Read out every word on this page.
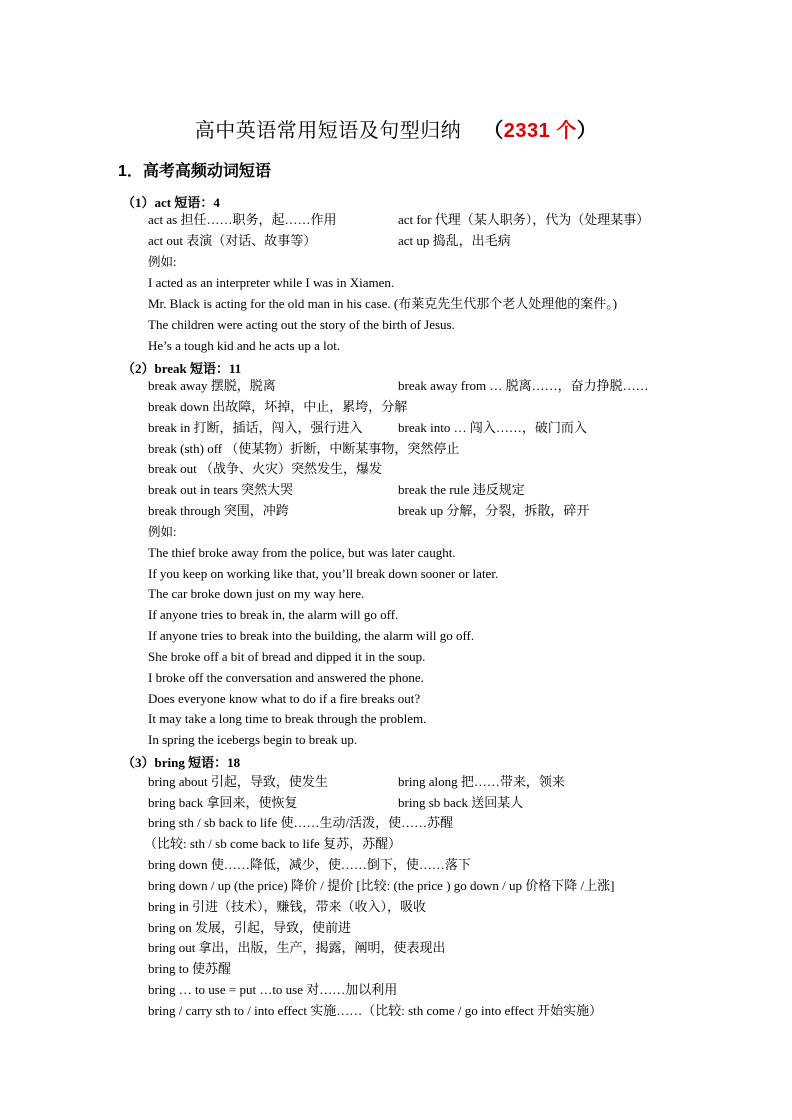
高中英语常用短语及句型归纳 （2331 个）
1．高考高频动词短语
（1）act 短语：4
act as 担任……职务，起……作用	act for 代理（某人职务），代为（处理某事）
act out 表演（对话、故事等）	act up 捣乱，出毛病
例如:
I acted as an interpreter while I was in Xiamen.
Mr. Black is acting for the old man in his case. (布莱克先生代那个老人处理他的案件。)
The children were acting out the story of the birth of Jesus.
He’s a tough kid and he acts up a lot.
（2）break 短语：11
break away 摆脱，脱离	break away from … 脱离……，奋力挣脱……
break down 出故障，坏掉，中止，累垮，分解
break in 打断，插话，闯入，强行进入	break into … 闯入……，破门而入
break (sth) off （使某物）折断，中断某事物，突然停止
break out （战争、火灾）突然发生，爆发
break out in tears 突然大哭	break the rule 违反规定
break through 突围，冲跨	break up 分解，分裂，拆散，碎开
例如:
The thief broke away from the police, but was later caught.
If you keep on working like that, you’ll break down sooner or later.
The car broke down just on my way here.
If anyone tries to break in, the alarm will go off.
If anyone tries to break into the building, the alarm will go off.
She broke off a bit of bread and dipped it in the soup.
I broke off the conversation and answered the phone.
Does everyone know what to do if a fire breaks out?
It may take a long time to break through the problem.
In spring the icebergs begin to break up.
（3）bring 短语：18
bring about 引起，导致，使发生	bring along 把……带来，领来
bring back 拿回来，使恢复	bring sb back 送回某人
bring sth / sb back to life 使……生动/活泼，使……苏醒
（比较: sth / sb come back to life 复苏，苏醒）
bring down 使……降低，减少，使……倒下，使……落下
bring down / up (the price) 降价 / 提价 [比较: (the price ) go down / up 价格下降 /上涨]
bring in 引进（技术），赚钱，带来（收入），吸收
bring on 发展，引起，导致，使前进
bring out 拿出，出版，生产，揭露，阐明，使表现出
bring to 使苏醒
bring … to use = put …to use 对……加以利用
bring / carry sth to / into effect 实施……（比较: sth come / go into effect 开始实施）
